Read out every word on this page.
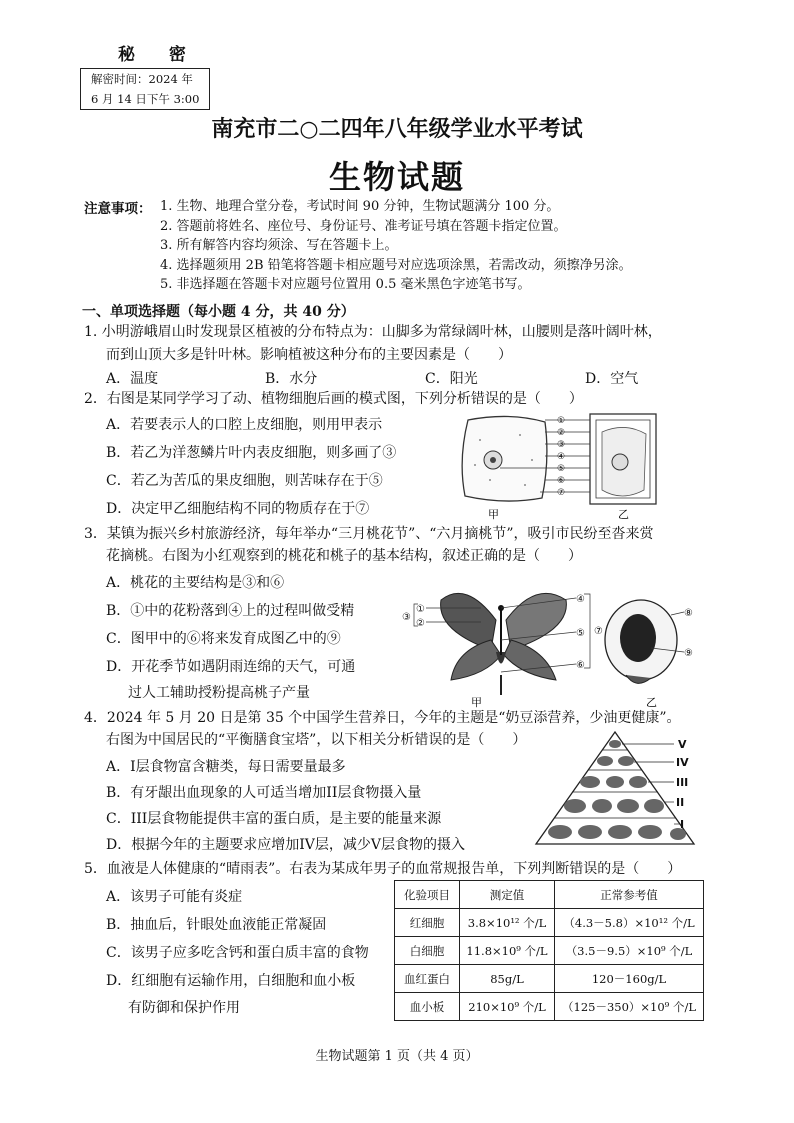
秘 密
解密时间：2024 年
6 月 14 日下午 3:00
南充市二○二四年八年级学业水平考试
生物试题
注意事项： 1. 生物、地理合堂分卷，考试时间 90 分钟，生物试题满分 100 分。
2. 答题前将姓名、座位号、身份证号、准考证号填在答题卡指定位置。
3. 所有解答内容均须涂、写在答题卡上。
4. 选择题须用 2B 铅笔将答题卡相应题号对应选项涂黑，若需改动，须擦净另涂。
5. 非选择题在答题卡对应题号位置用 0.5 毫米黑色字迹笔书写。
一、单项选择题（每小题 4 分，共 40 分）
1. 小明游峨眉山时发现景区植被的分布特点为：山脚多为常绿阔叶林，山腰则是落叶阔叶林，
而到山顶大多是针叶林。影响植被这种分布的主要因素是（　　）
A．温度	B．水分	C．阳光	D．空气
2．右图是某同学学习了动、植物细胞后画的模式图，下列分析错误的是（　　）
A．若要表示人的口腔上皮细胞，则用甲表示
B．若乙为洋葱鳞片叶内表皮细胞，则多画了③
C．若乙为苦瓜的果皮细胞，则苦味存在于⑤
D．决定甲乙细胞结构不同的物质存在于⑦
①
②
③
④
⑤
⑥
⑦
甲	乙
3．某镇为振兴乡村旅游经济，每年举办“三月桃花节”、“六月摘桃节”，吸引市民纷至沓来赏
花摘桃。右图为小红观察到的桃花和桃子的基本结构，叙述正确的是（　　）
A．桃花的主要结构是③和⑥
B．①中的花粉落到④上的过程叫做受精
C．图甲中的⑥将来发育成图乙中的⑨
D．开花季节如遇阴雨连绵的天气，可通
过人工辅助授粉提高桃子产量
①
②
③
④
⑤
⑥
⑦
⑧
⑨
甲	乙
4．2024 年 5 月 20 日是第 35 个中国学生营养日，今年的主题是“奶豆添营养，少油更健康”。
右图为中国居民的“平衡膳食宝塔”，以下相关分析错误的是（　　）
A．I层食物富含糖类，每日需要量最多
B．有牙龈出血现象的人可适当增加II层食物摄入量
C．III层食物能提供丰富的蛋白质，是主要的能量来源
D．根据今年的主题要求应增加IV层，减少V层食物的摄入
V
IV
III
II
I
5．血液是人体健康的“晴雨表”。右表为某成年男子的血常规报告单，下列判断错误的是（　　）
A．该男子可能有炎症
B．抽血后，针眼处血液能正常凝固
C．该男子应多吃含钙和蛋白质丰富的食物
D．红细胞有运输作用，白细胞和血小板
有防御和保护作用
化验项目	测定值	正常参考值
红细胞	3.8×10¹² 个/L	（4.3－5.8）×10¹² 个/L
白细胞	11.8×10⁹ 个/L	（3.5－9.5）×10⁹ 个/L
血红蛋白	85g/L	120－160g/L
血小板	210×10⁹ 个/L	（125－350）×10⁹ 个/L
生物试题第 1 页（共 4 页）
